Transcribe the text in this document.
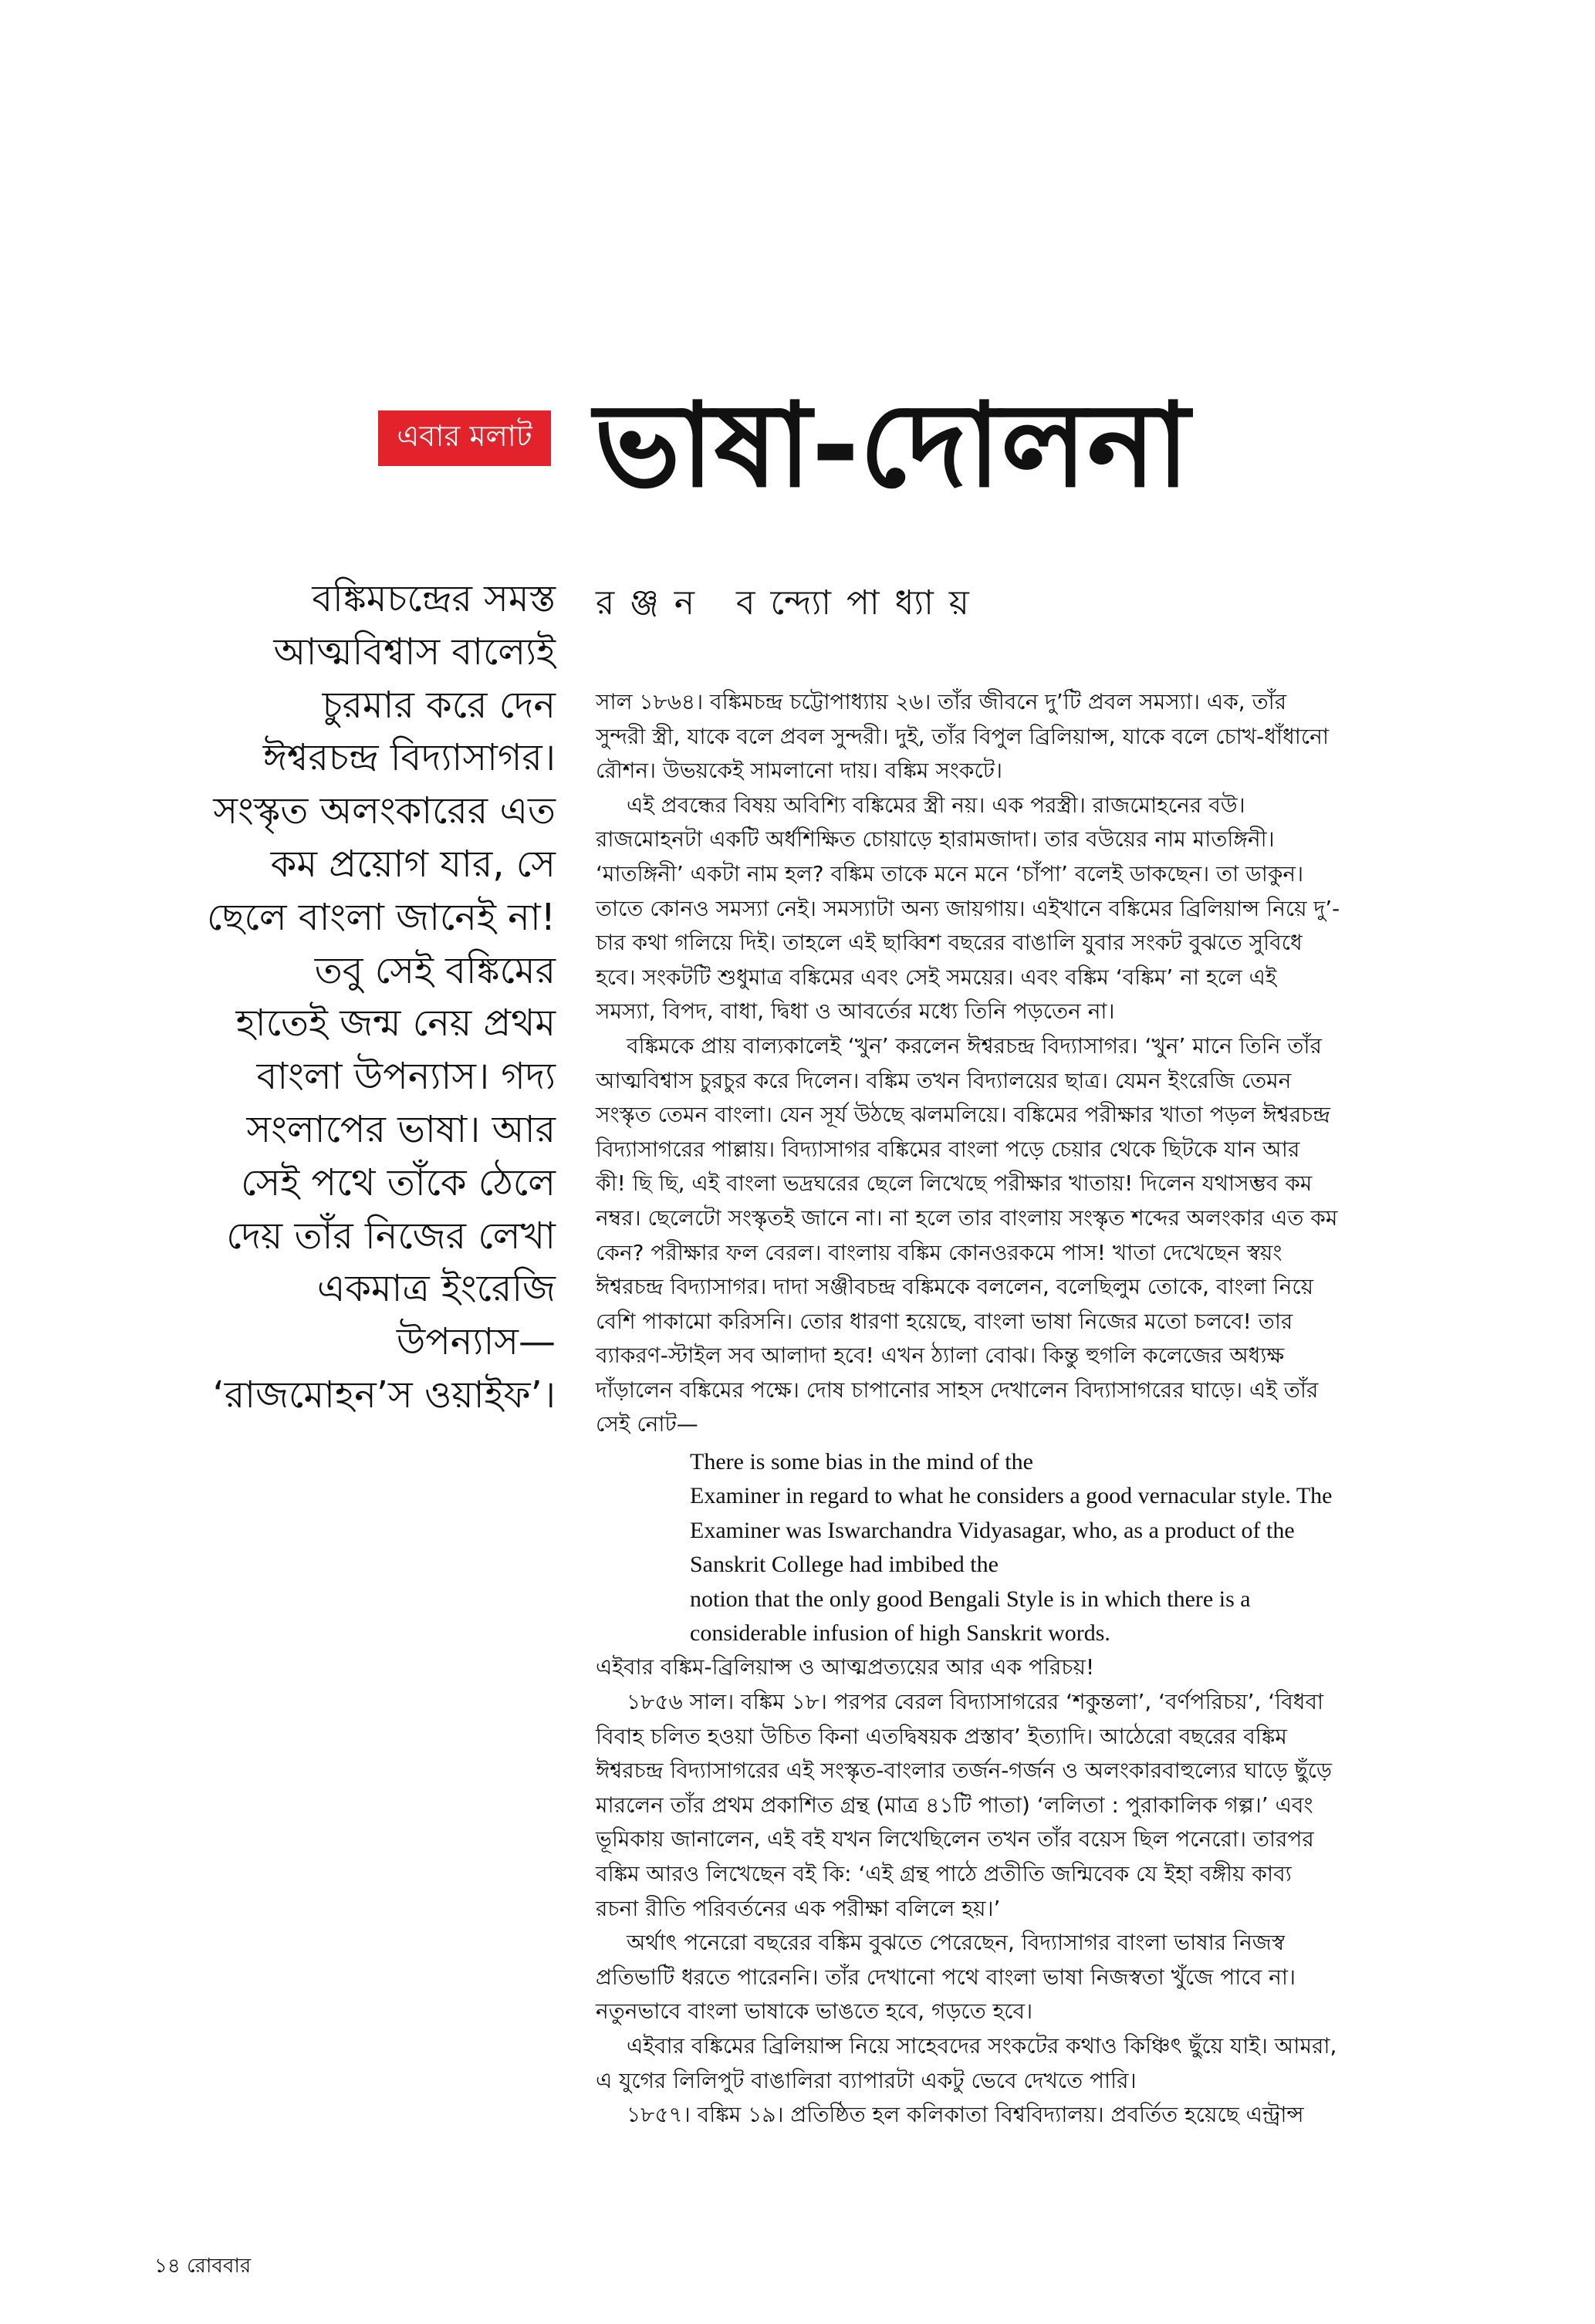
এবার মলাট ভাষা-দোলনা

বঙ্কিমচন্দ্রের সমস্ত
আত্মবিশ্বাস বাল্যেই
চুরমার করে দেন
ঈশ্বরচন্দ্র বিদ্যাসাগর।
সংস্কৃত অলংকারের এত
কম প্রয়োগ যার, সে
ছেলে বাংলা জানেই না!
তবু সেই বঙ্কিমের
হাতেই জন্ম নেয় প্রথম
বাংলা উপন্যাস। গদ্য
সংলাপের ভাষা। আর
সেই পথে তাঁকে ঠেলে
দেয় তাঁর নিজের লেখা
একমাত্র ইংরেজি
উপন্যাস—
‘রাজমোহন’স ওয়াইফ’।

রঞ্জন বন্দ্যোপাধ্যায়

সাল ১৮৬৪। বঙ্কিমচন্দ্র চট্টোপাধ্যায় ২৬। তাঁর জীবনে দু’টি প্রবল সমস্যা। এক, তাঁর
সুন্দরী স্ত্রী, যাকে বলে প্রবল সুন্দরী। দুই, তাঁর বিপুল ব্রিলিয়ান্স, যাকে বলে চোখ-ধাঁধানো
রৌশন। উভয়কেই সামলানো দায়। বঙ্কিম সংকটে।

এই প্রবন্ধের বিষয় অবিশ্যি বঙ্কিমের স্ত্রী নয়। এক পরস্ত্রী। রাজমোহনের বউ।
রাজমোহনটা একটি অর্ধশিক্ষিত চোয়াড়ে হারামজাদা। তার বউয়ের নাম মাতঙ্গিনী।
‘মাতঙ্গিনী’ একটা নাম হল? বঙ্কিম তাকে মনে মনে ‘চাঁপা’ বলেই ডাকছেন। তা ডাকুন।
তাতে কোনও সমস্যা নেই। সমস্যাটা অন্য জায়গায়। এইখানে বঙ্কিমের ব্রিলিয়ান্স নিয়ে দু’-
চার কথা গলিয়ে দিই। তাহলে এই ছাব্বিশ বছরের বাঙালি যুবার সংকট বুঝতে সুবিধে
হবে। সংকটটি শুধুমাত্র বঙ্কিমের এবং সেই সময়ের। এবং বঙ্কিম ‘বঙ্কিম’ না হলে এই
সমস্যা, বিপদ, বাধা, দ্বিধা ও আবর্তের মধ্যে তিনি পড়তেন না।

বঙ্কিমকে প্রায় বাল্যকালেই ‘খুন’ করলেন ঈশ্বরচন্দ্র বিদ্যাসাগর। ‘খুন’ মানে তিনি তাঁর
আত্মবিশ্বাস চুরচুর করে দিলেন। বঙ্কিম তখন বিদ্যালয়ের ছাত্র। যেমন ইংরেজি তেমন
সংস্কৃত তেমন বাংলা। যেন সূর্য উঠছে ঝলমলিয়ে। বঙ্কিমের পরীক্ষার খাতা পড়ল ঈশ্বরচন্দ্র
বিদ্যাসাগরের পাল্লায়। বিদ্যাসাগর বঙ্কিমের বাংলা পড়ে চেয়ার থেকে ছিটকে যান আর
কী! ছি ছি, এই বাংলা ভদ্রঘরের ছেলে লিখেছে পরীক্ষার খাতায়! দিলেন যথাসম্ভব কম
নম্বর। ছেলেটো সংস্কৃতই জানে না। না হলে তার বাংলায় সংস্কৃত শব্দের অলংকার এত কম
কেন? পরীক্ষার ফল বেরল। বাংলায় বঙ্কিম কোনওরকমে পাস! খাতা দেখেছেন স্বয়ং
ঈশ্বরচন্দ্র বিদ্যাসাগর। দাদা সঞ্জীবচন্দ্র বঙ্কিমকে বললেন, বলেছিলুম তোকে, বাংলা নিয়ে
বেশি পাকামো করিসনি। তোর ধারণা হয়েছে, বাংলা ভাষা নিজের মতো চলবে! তার
ব্যাকরণ-স্টাইল সব আলাদা হবে! এখন ঠ্যালা বোঝ। কিন্তু হুগলি কলেজের অধ্যক্ষ
দাঁড়ালেন বঙ্কিমের পক্ষে। দোষ চাপানোর সাহস দেখালেন বিদ্যাসাগরের ঘাড়ে। এই তাঁর
সেই নোট—

There is some bias in the mind of the
Examiner in regard to what he considers a good vernacular style. The
Examiner was Iswarchandra Vidyasagar, who, as a product of the
Sanskrit College had imbibed the
notion that the only good Bengali Style is in which there is a
considerable infusion of high Sanskrit words.

এইবার বঙ্কিম-ব্রিলিয়ান্স ও আত্মপ্রত্যয়ের আর এক পরিচয়!

১৮৫৬ সাল। বঙ্কিম ১৮। পরপর বেরল বিদ্যাসাগরের ‘শকুন্তলা’, ‘বর্ণপরিচয়’, ‘বিধবা
বিবাহ চলিত হওয়া উচিত কিনা এতদ্বিষয়ক প্রস্তাব’ ইত্যাদি। আঠেরো বছরের বঙ্কিম
ঈশ্বরচন্দ্র বিদ্যাসাগরের এই সংস্কৃত-বাংলার তর্জন-গর্জন ও অলংকারবাহুল্যের ঘাড়ে ছুঁড়ে
মারলেন তাঁর প্রথম প্রকাশিত গ্রন্থ (মাত্র ৪১টি পাতা) ‘ললিতা : পুরাকালিক গল্প।’ এবং
ভূমিকায় জানালেন, এই বই যখন লিখেছিলেন তখন তাঁর বয়েস ছিল পনেরো। তারপর
বঙ্কিম আরও লিখেছেন বই কি: ‘এই গ্রন্থ পাঠে প্রতীতি জন্মিবেক যে ইহা বঙ্গীয় কাব্য
রচনা রীতি পরিবর্তনের এক পরীক্ষা বলিলে হয়।’

অর্থাৎ পনেরো বছরের বঙ্কিম বুঝতে পেরেছেন, বিদ্যাসাগর বাংলা ভাষার নিজস্ব
প্রতিভাটি ধরতে পারেননি। তাঁর দেখানো পথে বাংলা ভাষা নিজস্বতা খুঁজে পাবে না।
নতুনভাবে বাংলা ভাষাকে ভাঙতে হবে, গড়তে হবে।

এইবার বঙ্কিমের ব্রিলিয়ান্স নিয়ে সাহেবদের সংকটের কথাও কিঞ্চিৎ ছুঁয়ে যাই। আমরা,
এ যুগের লিলিপুট বাঙালিরা ব্যাপারটা একটু ভেবে দেখতে পারি।

১৮৫৭। বঙ্কিম ১৯। প্রতিষ্ঠিত হল কলিকাতা বিশ্ববিদ্যালয়। প্রবর্তিত হয়েছে এন্ট্রান্স

১৪ রোববার
